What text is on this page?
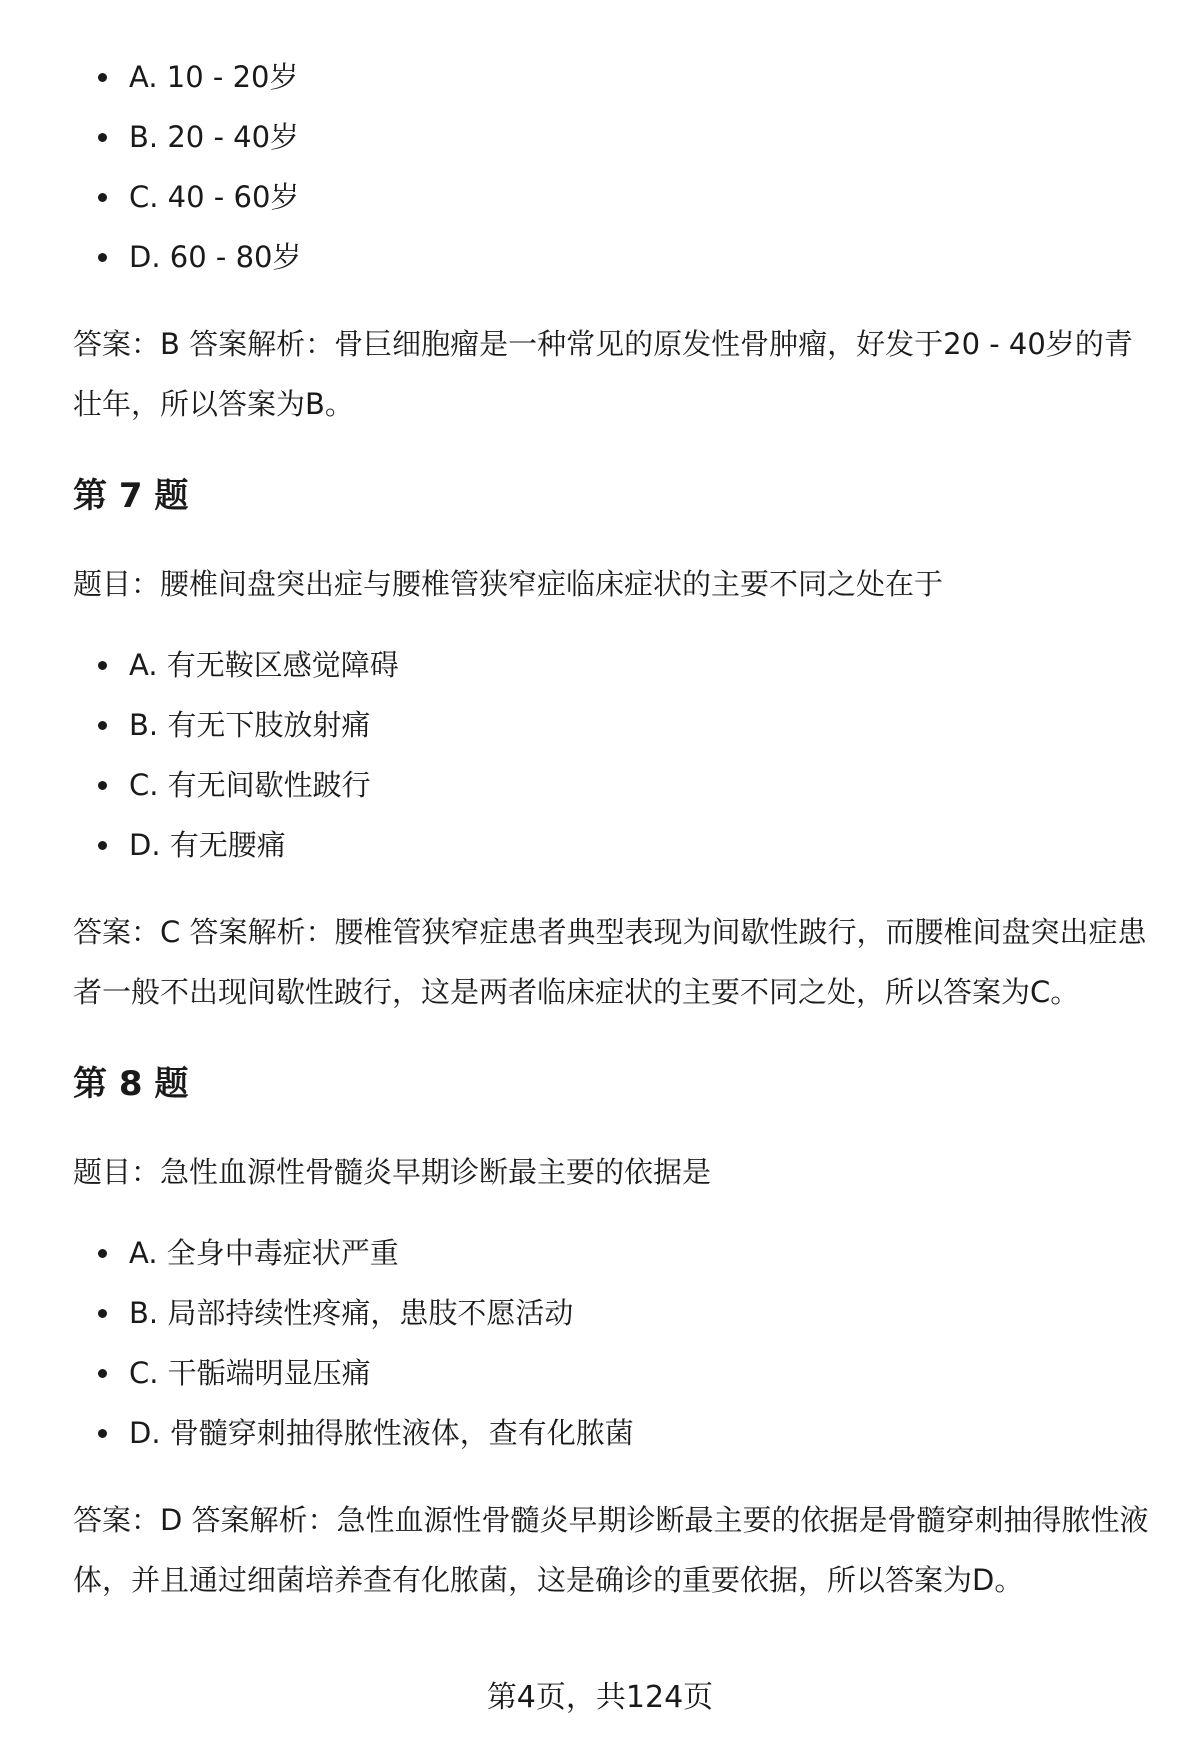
A. 10 - 20岁
B. 20 - 40岁
C. 40 - 60岁
D. 60 - 80岁

答案：B 答案解析：骨巨细胞瘤是一种常见的原发性骨肿瘤，好发于20 - 40岁的青壮年，所以答案为B。

第 7 题

题目：腰椎间盘突出症与腰椎管狭窄症临床症状的主要不同之处在于

A. 有无鞍区感觉障碍
B. 有无下肢放射痛
C. 有无间歇性跛行
D. 有无腰痛

答案：C 答案解析：腰椎管狭窄症患者典型表现为间歇性跛行，而腰椎间盘突出症患者一般不出现间歇性跛行，这是两者临床症状的主要不同之处，所以答案为C。

第 8 题

题目：急性血源性骨髓炎早期诊断最主要的依据是

A. 全身中毒症状严重
B. 局部持续性疼痛，患肢不愿活动
C. 干骺端明显压痛
D. 骨髓穿刺抽得脓性液体，查有化脓菌

答案：D 答案解析：急性血源性骨髓炎早期诊断最主要的依据是骨髓穿刺抽得脓性液体，并且通过细菌培养查有化脓菌，这是确诊的重要依据，所以答案为D。

第4页，共124页
